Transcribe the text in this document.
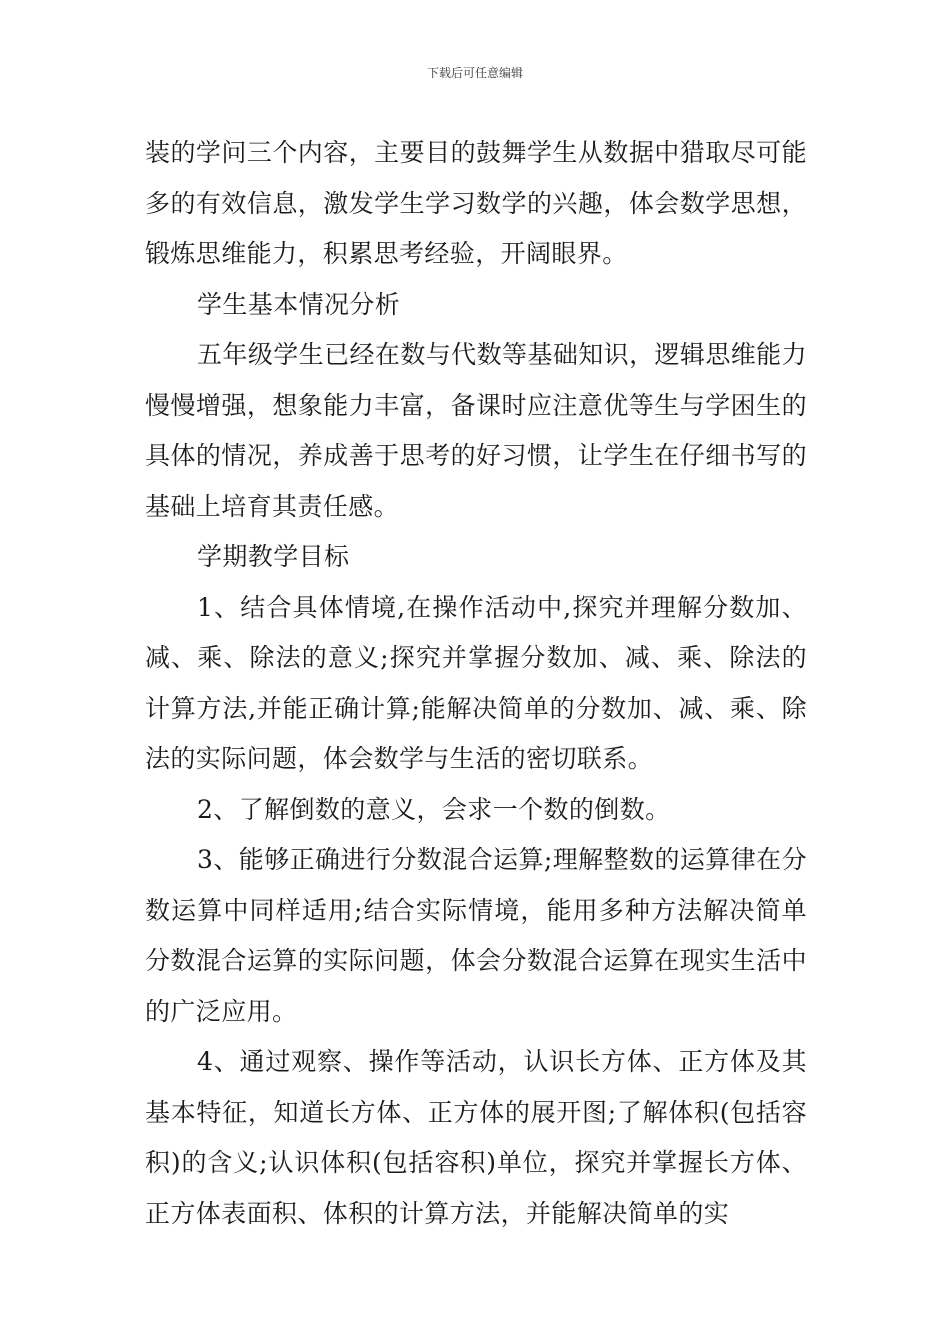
下载后可任意编辑

装的学问三个内容，主要目的鼓舞学生从数据中猎取尽可能多的有效信息，激发学生学习数学的兴趣，体会数学思想，锻炼思维能力，积累思考经验，开阔眼界。

学生基本情况分析

五年级学生已经在数与代数等基础知识，逻辑思维能力慢慢增强，想象能力丰富，备课时应注意优等生与学困生的具体的情况，养成善于思考的好习惯，让学生在仔细书写的基础上培育其责任感。

学期教学目标

1、结合具体情境,在操作活动中,探究并理解分数加、减、乘、除法的意义;探究并掌握分数加、减、乘、除法的计算方法,并能正确计算;能解决简单的分数加、减、乘、除法的实际问题，体会数学与生活的密切联系。

2、了解倒数的意义，会求一个数的倒数。

3、能够正确进行分数混合运算;理解整数的运算律在分数运算中同样适用;结合实际情境，能用多种方法解决简单分数混合运算的实际问题，体会分数混合运算在现实生活中的广泛应用。

4、通过观察、操作等活动，认识长方体、正方体及其基本特征，知道长方体、正方体的展开图;了解体积(包括容积)的含义;认识体积(包括容积)单位，探究并掌握长方体、正方体表面积、体积的计算方法，并能解决简单的实
